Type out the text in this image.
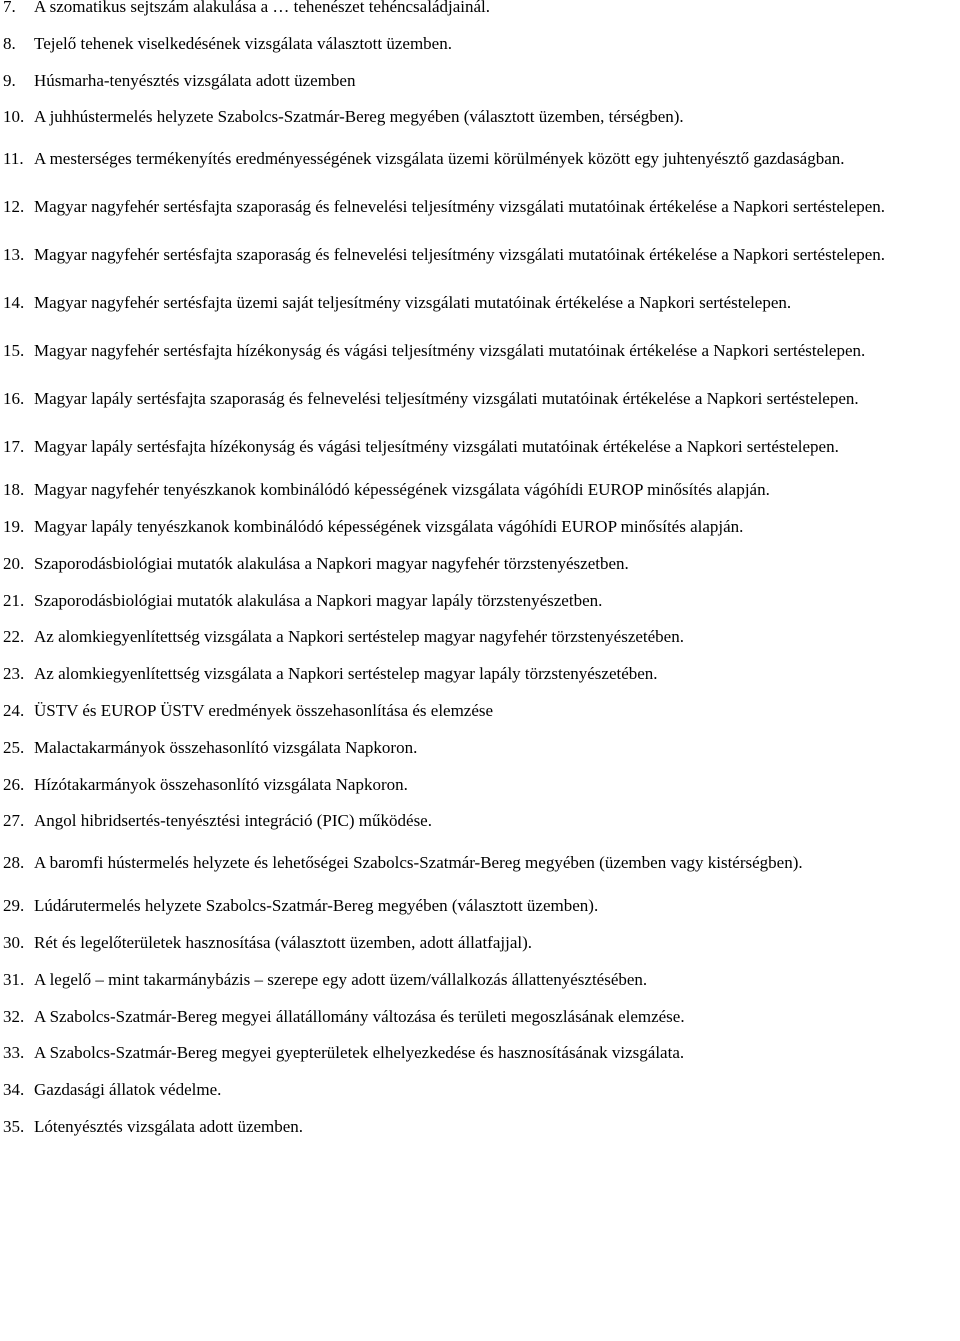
7.	A szomatikus sejtszám alakulása a … tehenészet tehéncsaládjainál.
8.	Tejelő tehenek viselkedésének vizsgálata választott üzemben.
9.	Húsmarha-tenyésztés vizsgálata adott üzemben
10. A juhhústermelés helyzete Szabolcs-Szatmár-Bereg megyében (választott üzemben, térségben).
11. A mesterséges termékenyítés eredményességének vizsgálata üzemi körülmények között egy juhtenyésztő gazdaságban.
12. Magyar nagyfehér sertésfajta szaporaság és felnevelési teljesítmény vizsgálati mutatóinak értékelése a Napkori sertéstelepen.
13. Magyar nagyfehér sertésfajta szaporaság és felnevelési teljesítmény vizsgálati mutatóinak értékelése a Napkori sertéstelepen.
14. Magyar nagyfehér sertésfajta üzemi saját teljesítmény vizsgálati mutatóinak értékelése a Napkori sertéstelepen.
15. Magyar nagyfehér sertésfajta hízékonyság és vágási teljesítmény vizsgálati mutatóinak értékelése a Napkori sertéstelepen.
16. Magyar lapály sertésfajta szaporaság és felnevelési teljesítmény vizsgálati mutatóinak értékelése a Napkori sertéstelepen.
17. Magyar lapály sertésfajta hízékonyság és vágási teljesítmény vizsgálati mutatóinak értékelése a Napkori sertéstelepen.
18. Magyar nagyfehér tenyészkanok kombinálódó képességének vizsgálata vágóhídi EUROP minősítés alapján.
19. Magyar lapály tenyészkanok kombinálódó képességének vizsgálata vágóhídi EUROP minősítés alapján.
20. Szaporodásbiológiai mutatók alakulása a Napkori magyar nagyfehér törzstenyészetben.
21. Szaporodásbiológiai mutatók alakulása a Napkori magyar lapály törzstenyészetben.
22. Az alomkiegyenlítettség vizsgálata a Napkori sertéstelep magyar nagyfehér törzstenyészetében.
23. Az alomkiegyenlítettség vizsgálata a Napkori sertéstelep magyar lapály törzstenyészetében.
24. ÜSTV és EUROP ÜSTV eredmények összehasonlítása és elemzése
25. Malactakarmányok összehasonlító vizsgálata Napkoron.
26. Hízótakarmányok összehasonlító vizsgálata Napkoron.
27. Angol hibridsertés-tenyésztési integráció (PIC) működése.
28. A baromfi hústermelés helyzete és lehetőségei Szabolcs-Szatmár-Bereg megyében (üzemben vagy kistérségben).
29. Lúdárutermelés helyzete Szabolcs-Szatmár-Bereg megyében (választott üzemben).
30. Rét és legelőterületek hasznosítása (választott üzemben, adott állatfajjal).
31. A legelő – mint takarmánybázis – szerepe egy adott üzem/vállalkozás állattenyésztésében.
32. A Szabolcs-Szatmár-Bereg megyei állatállomány változása és területi megoszlásának elemzése.
33. A Szabolcs-Szatmár-Bereg megyei gyepterületek elhelyezkedése és hasznosításának vizsgálata.
34. Gazdasági állatok védelme.
35. Lótenyésztés vizsgálata adott üzemben.
